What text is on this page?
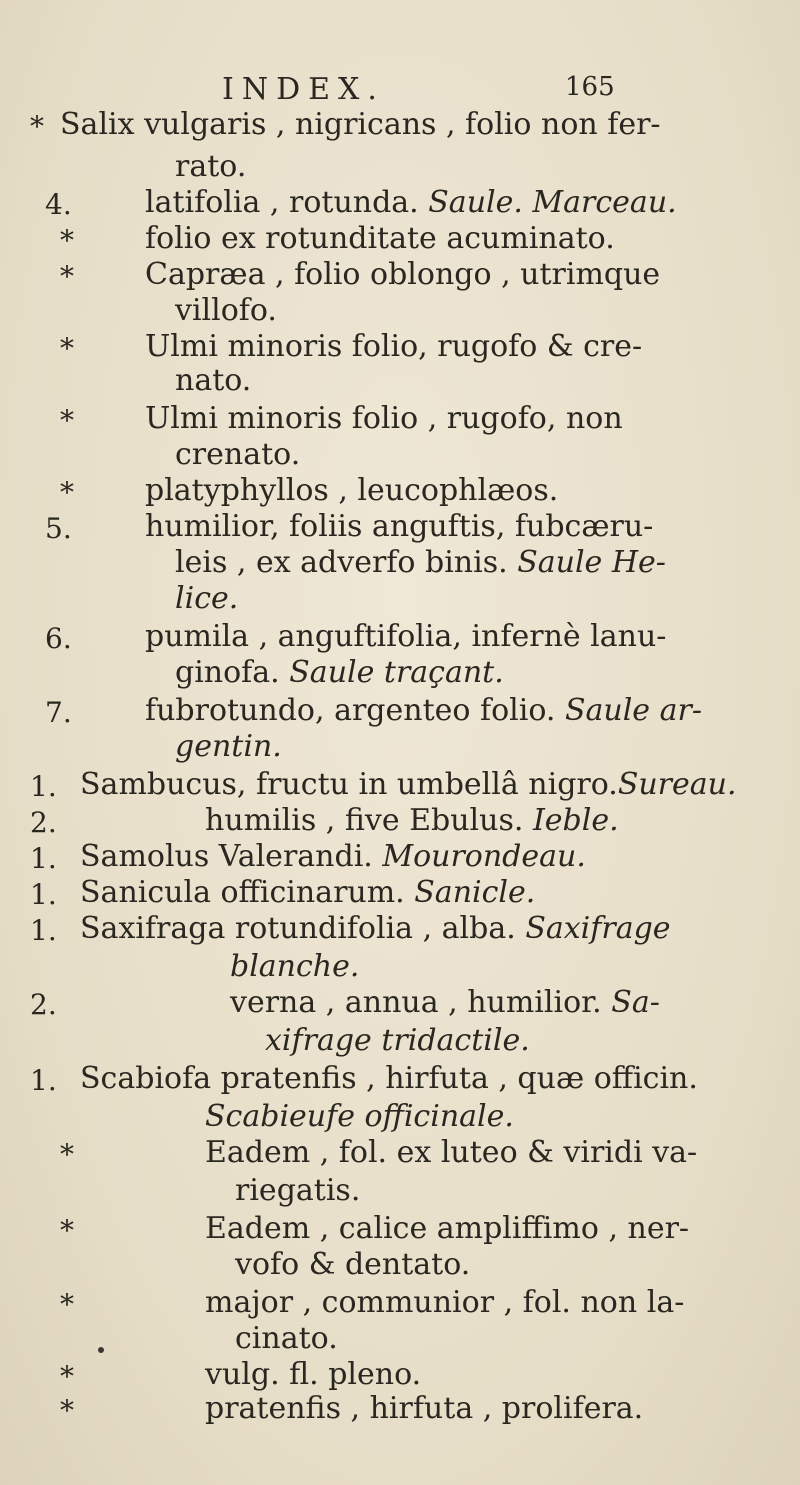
INDEX.	165
* Salix vulgaris , nigricans , folio non fer-
rato.
4. latifolia , rotunda. Saule. Marceau.
* folio ex rotunditate acuminato.
* Capræa , folio oblongo , utrimque
villofo.
* Ulmi minoris folio, rugofo & cre-
nato.
* Ulmi minoris folio , rugofo, non
crenato.
* platyphyllos , leucophlæos.
5. humilior, foliis anguftis, fubcæru-
leis , ex adverfo binis. Saule He-
lice.
6. pumila , anguftifolia, infernè lanu-
ginofa. Saule traçant.
7. fubrotundo, argenteo folio. Saule ar-
gentin.
1. Sambucus, fructu in umbellâ nigro.Sureau.
2.	humilis , five Ebulus. Ieble.
1. Samolus Valerandi. Mourondeau.
1. Sanicula officinarum. Sanicle.
1. Saxifraga rotundifolia , alba. Saxifrage
blanche.
2.	verna , annua , humilior. Sa-
xifrage tridactile.
1. Scabiofa pratenfis , hirfuta , quæ officin.
Scabieufe officinale.
*	Eadem , fol. ex luteo & viridi va-
riegatis.
*	Eadem , calice ampliffimo , ner-
vofo & dentato.
*	major , communior , fol. non la-
cinato.
*	vulg. fl. pleno.
*	pratenfis , hirfuta , prolifera.
